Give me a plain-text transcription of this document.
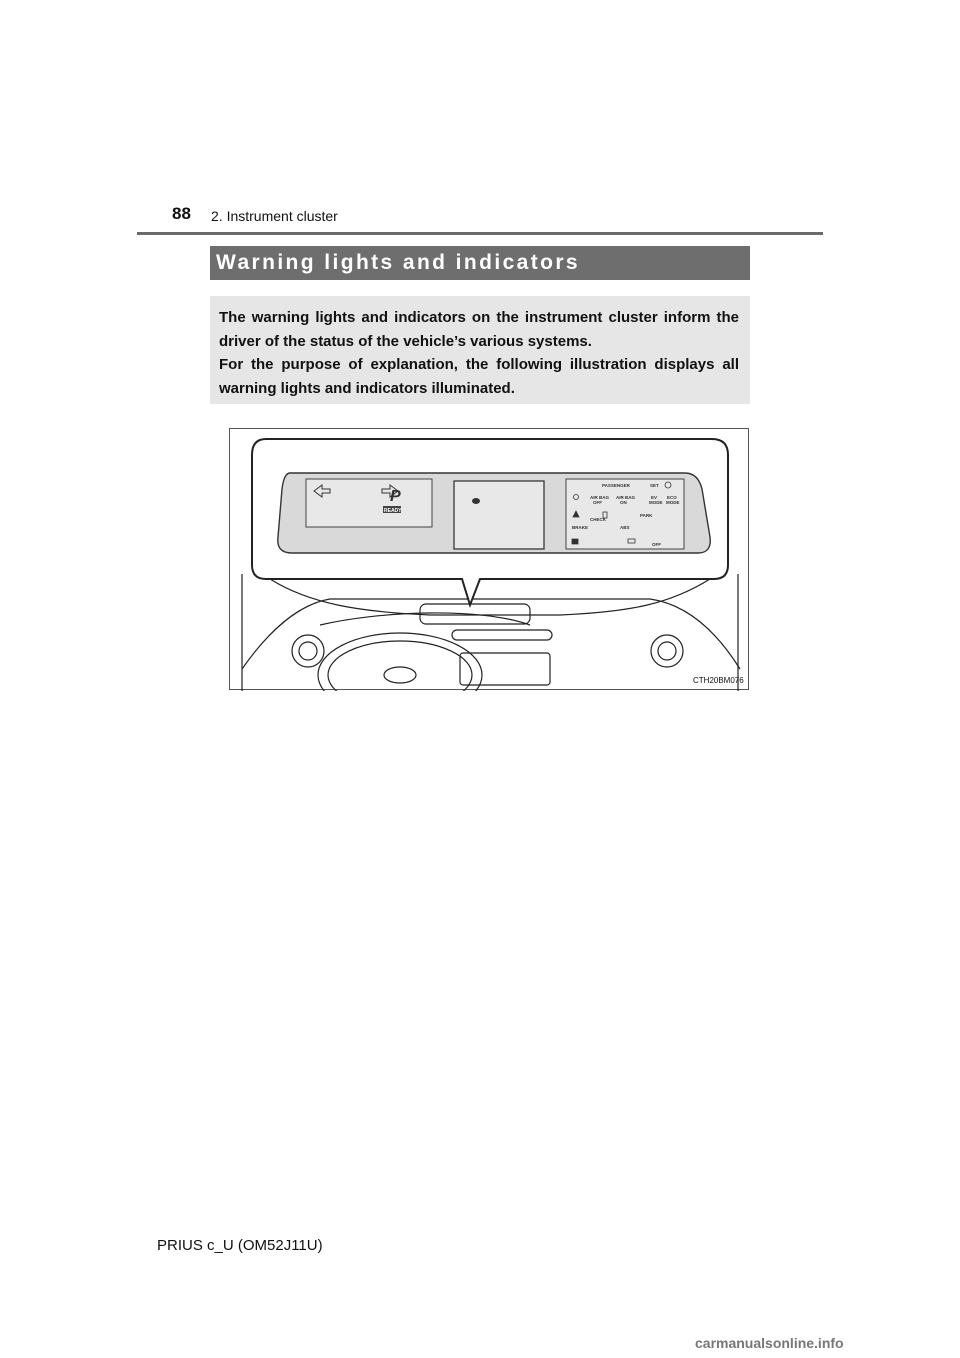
88 2. Instrument cluster
Warning lights and indicators

The warning lights and indicators on the instrument cluster inform the driver of the status of the vehicle’s various systems.

For the purpose of explanation, the following illustration displays all warning lights and indicators illuminated.

P
READY
PASSENGER	SET
AIR BAG
OFF
AIR BAG
ON
EV
MODE
ECO
MODE
CHECK
PARK
BRAKE	ABS
OFF
CTH20BM076
PRIUS c_U (OM52J11U)
carmanualsonline.info
